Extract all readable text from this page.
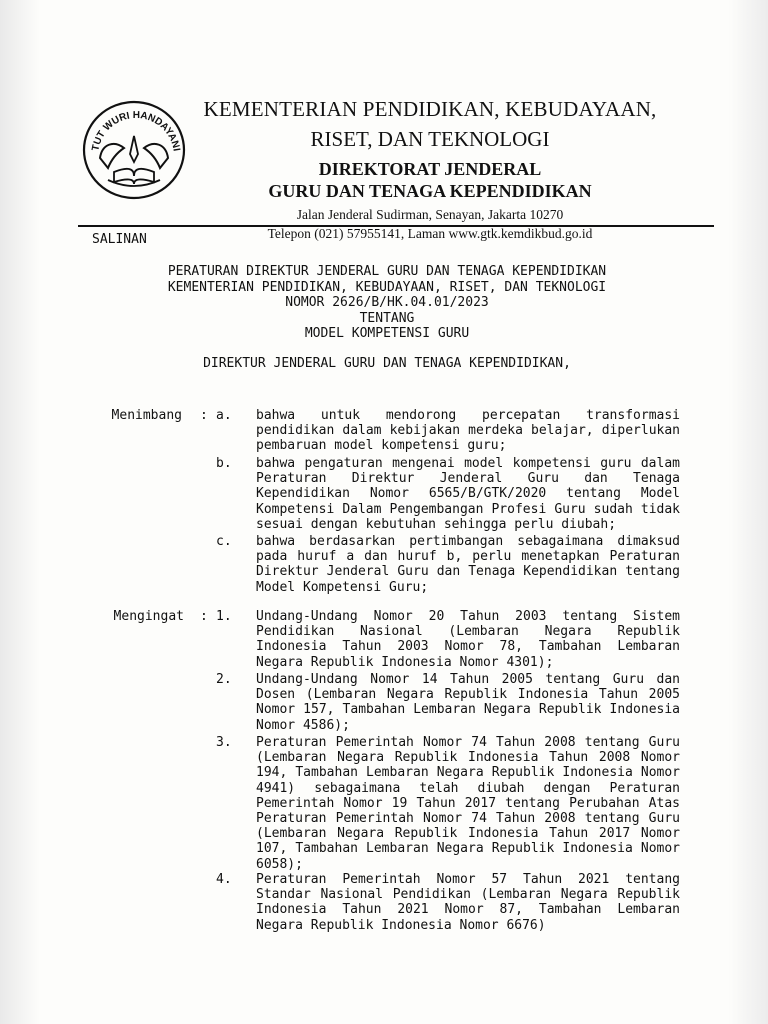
TUT WURI HANDAYANI
KEMENTERIAN PENDIDIKAN, KEBUDAYAAN,
RISET, DAN TEKNOLOGI
DIREKTORAT JENDERAL
GURU DAN TENAGA KEPENDIDIKAN
Jalan Jenderal Sudirman, Senayan, Jakarta 10270
Telepon (021) 57955141, Laman www.gtk.kemdikbud.go.id
SALINAN
PERATURAN DIREKTUR JENDERAL GURU DAN TENAGA KEPENDIDIKAN
KEMENTERIAN PENDIDIKAN, KEBUDAYAAN, RISET, DAN TEKNOLOGI
NOMOR 2626/B/HK.04.01/2023
TENTANG
MODEL KOMPETENSI GURU
DIREKTUR JENDERAL GURU DAN TENAGA KEPENDIDIKAN,
Menimbang : a. bahwa untuk mendorong percepatan transformasi pendidikan dalam kebijakan merdeka belajar, diperlukan pembaruan model kompetensi guru;
b. bahwa pengaturan mengenai model kompetensi guru dalam Peraturan Direktur Jenderal Guru dan Tenaga Kependidikan Nomor 6565/B/GTK/2020 tentang Model Kompetensi Dalam Pengembangan Profesi Guru sudah tidak sesuai dengan kebutuhan sehingga perlu diubah;
c. bahwa berdasarkan pertimbangan sebagaimana dimaksud pada huruf a dan huruf b, perlu menetapkan Peraturan Direktur Jenderal Guru dan Tenaga Kependidikan tentang Model Kompetensi Guru;
Mengingat : 1. Undang-Undang Nomor 20 Tahun 2003 tentang Sistem Pendidikan Nasional (Lembaran Negara Republik Indonesia Tahun 2003 Nomor 78, Tambahan Lembaran Negara Republik Indonesia Nomor 4301);
2. Undang-Undang Nomor 14 Tahun 2005 tentang Guru dan Dosen (Lembaran Negara Republik Indonesia Tahun 2005 Nomor 157, Tambahan Lembaran Negara Republik Indonesia Nomor 4586);
3. Peraturan Pemerintah Nomor 74 Tahun 2008 tentang Guru (Lembaran Negara Republik Indonesia Tahun 2008 Nomor 194, Tambahan Lembaran Negara Republik Indonesia Nomor 4941) sebagaimana telah diubah dengan Peraturan Pemerintah Nomor 19 Tahun 2017 tentang Perubahan Atas Peraturan Pemerintah Nomor 74 Tahun 2008 tentang Guru (Lembaran Negara Republik Indonesia Tahun 2017 Nomor 107, Tambahan Lembaran Negara Republik Indonesia Nomor 6058);
4. Peraturan Pemerintah Nomor 57 Tahun 2021 tentang Standar Nasional Pendidikan (Lembaran Negara Republik Indonesia Tahun 2021 Nomor 87, Tambahan Lembaran Negara Republik Indonesia Nomor 6676)
